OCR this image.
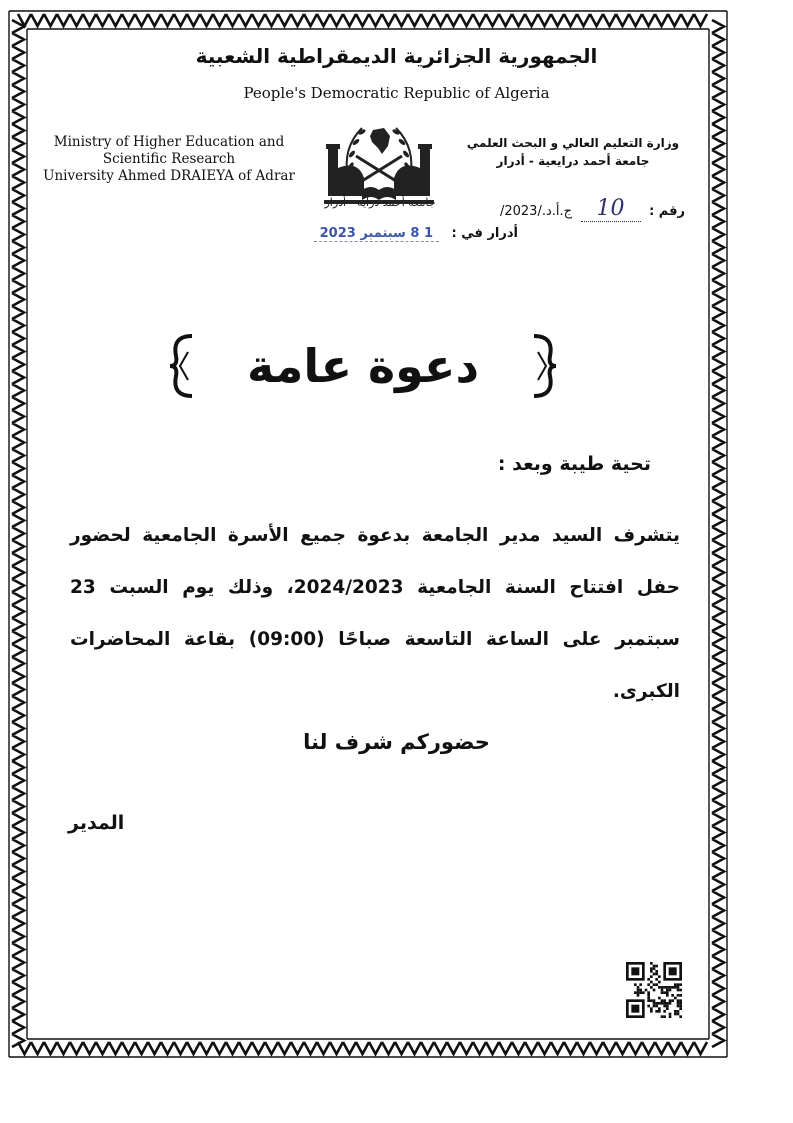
الجمهورية الجزائرية الديمقراطية الشعبية
People's Democratic Republic of Algeria
Ministry of Higher Education and
Scientific Research
University Ahmed DRAIEYA of Adrar
وزارة التعليم العالي و البحث العلمي
جامعة أحمد درايعية - أدرار
رقم : 10 /ج.أ.د./2023
جامعة أحمد دراية - أدرار
أدرار في : 1 8 سبتمبر 2023
دعوة عامة
تحية طيبة وبعد :
يتشرف السيد مدير الجامعة بدعوة جميع الأسرة الجامعية لحضور حفل افتتاح السنة الجامعية 2024/2023، وذلك يوم السبت 23 سبتمبر على الساعة التاسعة صباحًا (09:00) بقاعة المحاضرات الكبرى.
حضوركم شرف لنا
المدير
